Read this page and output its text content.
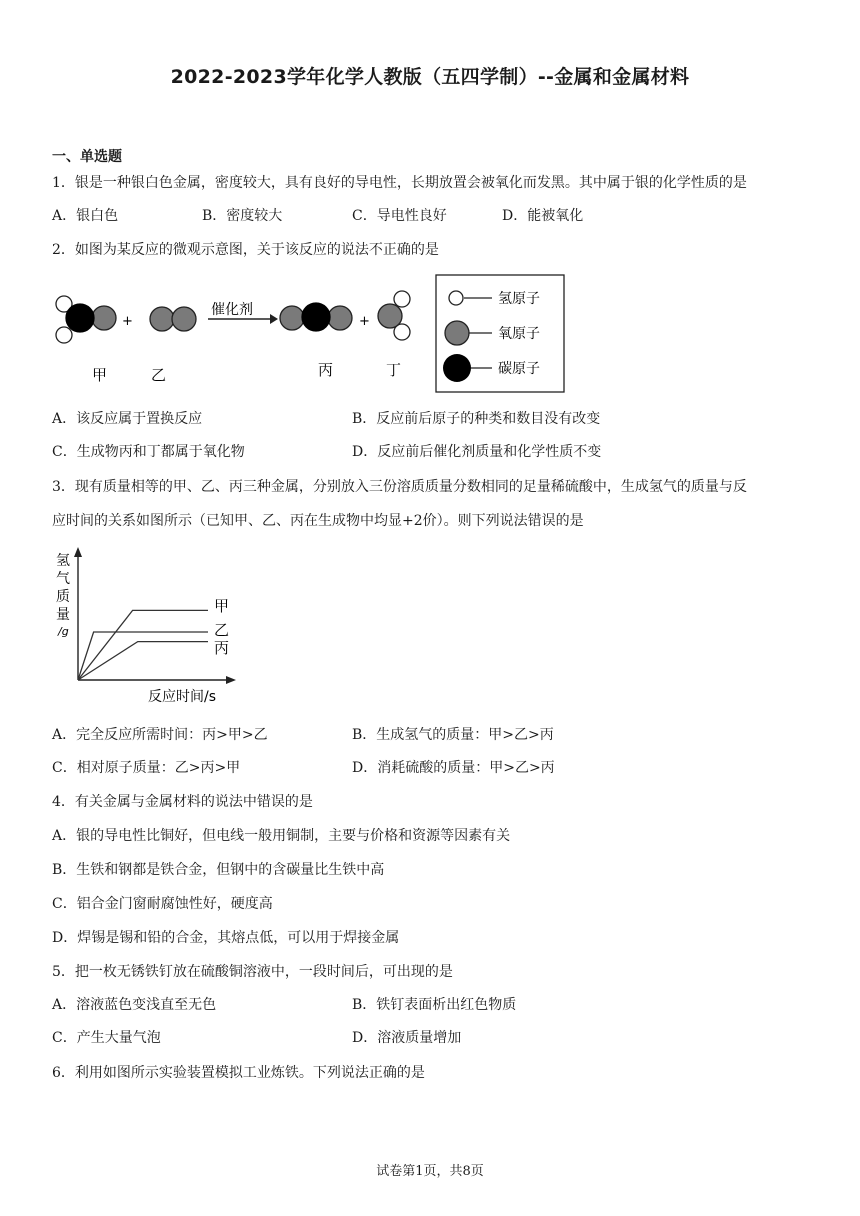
2022-2023学年化学人教版（五四学制）--金属和金属材料
一、单选题
1．银是一种银白色金属，密度较大，具有良好的导电性，长期放置会被氧化而发黑。其中属于银的化学性质的是
A．银白色	B．密度较大	C．导电性良好	D．能被氧化
2．如图为某反应的微观示意图，关于该反应的说法不正确的是
+
催化剂
+
甲	乙	丙	丁
氢原子
氧原子
碳原子
A．该反应属于置换反应	B．反应前后原子的种类和数目没有改变
C．生成物丙和丁都属于氧化物	D．反应前后催化剂质量和化学性质不变
3．现有质量相等的甲、乙、丙三种金属，分别放入三份溶质质量分数相同的足量稀硫酸中，生成氢气的质量与反
应时间的关系如图所示（已知甲、乙、丙在生成物中均显+2价）。则下列说法错误的是
氢
气
质
量
/g
甲
乙
丙
反应时间/s
A．完全反应所需时间：丙>甲>乙	B．生成氢气的质量：甲>乙>丙
C．相对原子质量：乙>丙>甲	D．消耗硫酸的质量：甲>乙>丙
4．有关金属与金属材料的说法中错误的是
A．银的导电性比铜好，但电线一般用铜制，主要与价格和资源等因素有关
B．生铁和钢都是铁合金，但钢中的含碳量比生铁中高
C．铝合金门窗耐腐蚀性好，硬度高
D．焊锡是锡和铅的合金，其熔点低，可以用于焊接金属
5．把一枚无锈铁钉放在硫酸铜溶液中，一段时间后，可出现的是
A．溶液蓝色变浅直至无色	B．铁钉表面析出红色物质
C．产生大量气泡	D．溶液质量增加
6．利用如图所示实验装置模拟工业炼铁。下列说法正确的是
试卷第1页，共8页
